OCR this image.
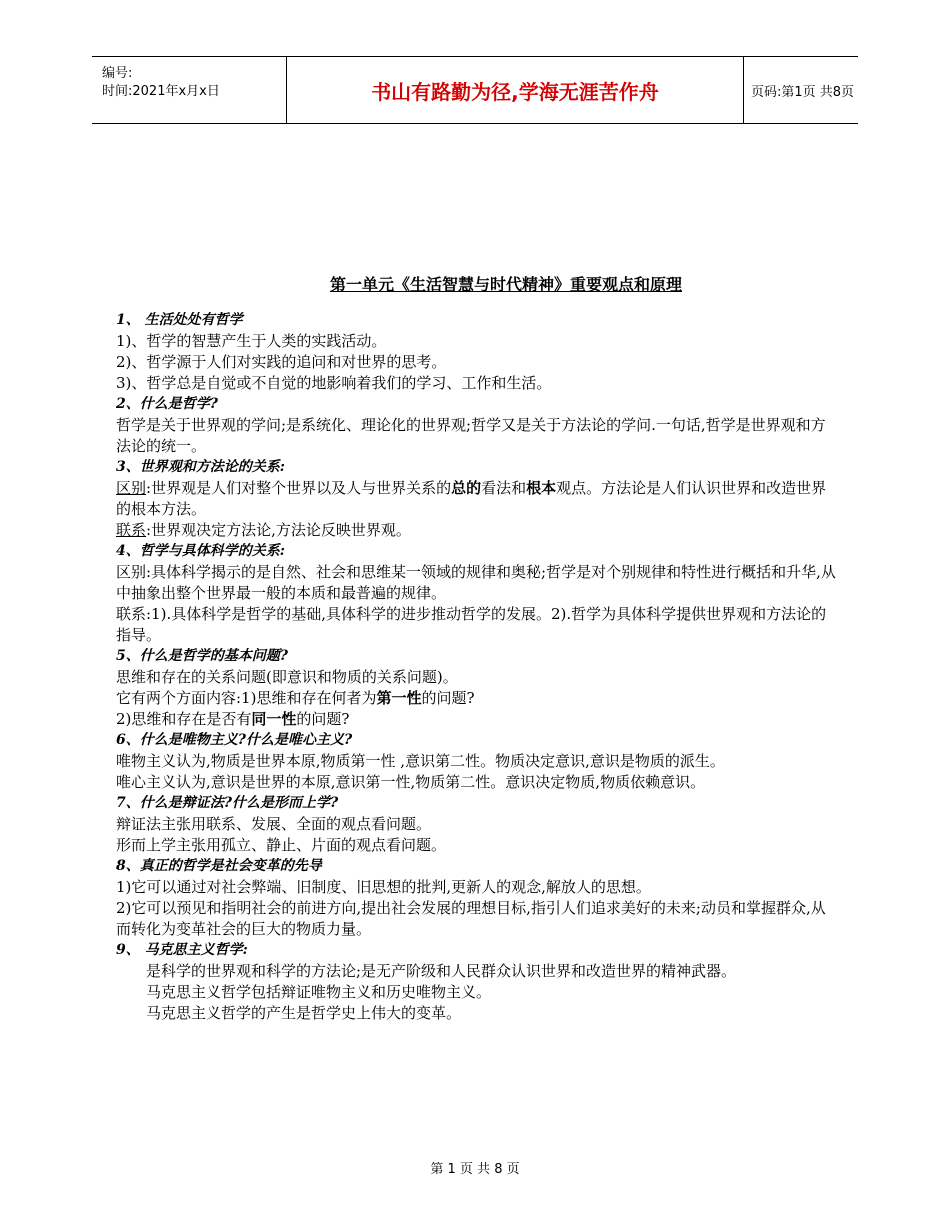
编号:
时间:2021年x月x日	书山有路勤为径,学海无涯苦作舟	页码:第1页 共8页
第一单元《生活智慧与时代精神》重要观点和原理

1、 生活处处有哲学

1)、哲学的智慧产生于人类的实践活动。

2)、哲学源于人们对实践的追问和对世界的思考。

3)、哲学总是自觉或不自觉的地影响着我们的学习、工作和生活。

2、什么是哲学?

哲学是关于世界观的学问;是系统化、理论化的世界观;哲学又是关于方法论的学问.一句话,哲学是世界观和方法论的统一。

3、世界观和方法论的关系:

区别:世界观是人们对整个世界以及人与世界关系的总的看法和根本观点。方法论是人们认识世界和改造世界的根本方法。

联系:世界观决定方法论,方法论反映世界观。

4、哲学与具体科学的关系:

区别:具体科学揭示的是自然、社会和思维某一领域的规律和奥秘;哲学是对个别规律和特性进行概括和升华,从中抽象出整个世界最一般的本质和最普遍的规律。

联系:1).具体科学是哲学的基础,具体科学的进步推动哲学的发展。2).哲学为具体科学提供世界观和方法论的指导。

5、什么是哲学的基本问题?

思维和存在的关系问题(即意识和物质的关系问题)。

它有两个方面内容:1)思维和存在何者为第一性的问题?

2)思维和存在是否有同一性的问题?

6、什么是唯物主义?什么是唯心主义?

唯物主义认为,物质是世界本原,物质第一性 ,意识第二性。物质决定意识,意识是物质的派生。

唯心主义认为,意识是世界的本原,意识第一性,物质第二性。意识决定物质,物质依赖意识。

7、什么是辩证法?什么是形而上学?

辩证法主张用联系、发展、全面的观点看问题。

形而上学主张用孤立、静止、片面的观点看问题。

8、真正的哲学是社会变革的先导

1)它可以通过对社会弊端、旧制度、旧思想的批判,更新人的观念,解放人的思想。

2)它可以预见和指明社会的前进方向,提出社会发展的理想目标,指引人们追求美好的未来;动员和掌握群众,从而转化为变革社会的巨大的物质力量。

9、 马克思主义哲学:

是科学的世界观和科学的方法论;是无产阶级和人民群众认识世界和改造世界的精神武器。

马克思主义哲学包括辩证唯物主义和历史唯物主义。

马克思主义哲学的产生是哲学史上伟大的变革。

第 1 页 共 8 页
